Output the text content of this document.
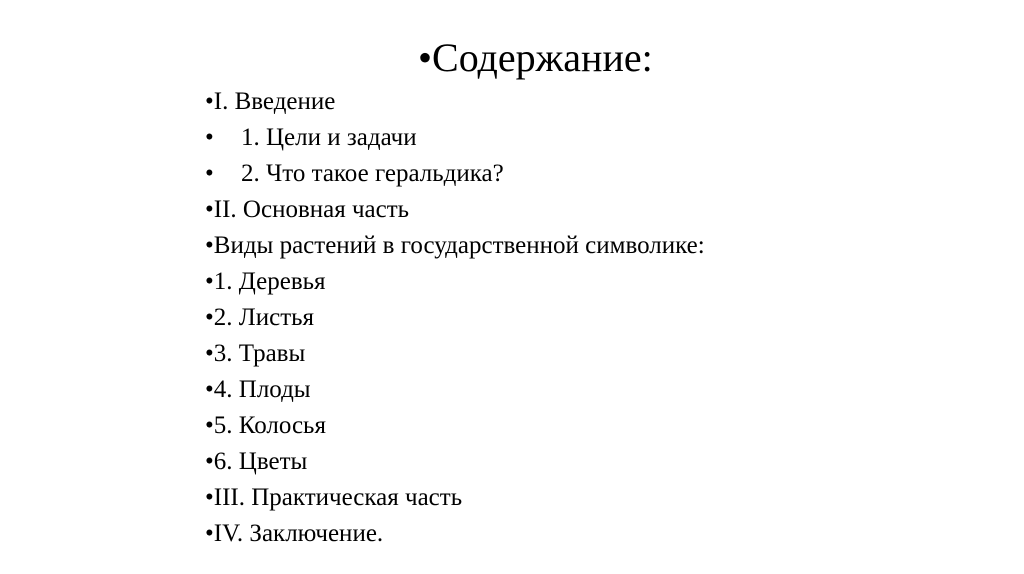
•Содержание:
• I. Введение
•	1. Цели и задачи
•	2. Что такое геральдика?
• II. Основная часть
• Виды растений в государственной символике:
• 1. Деревья
• 2. Листья
• 3. Травы
• 4. Плоды
• 5. Колосья
• 6. Цветы
• III. Практическая часть
• IV. Заключение.
